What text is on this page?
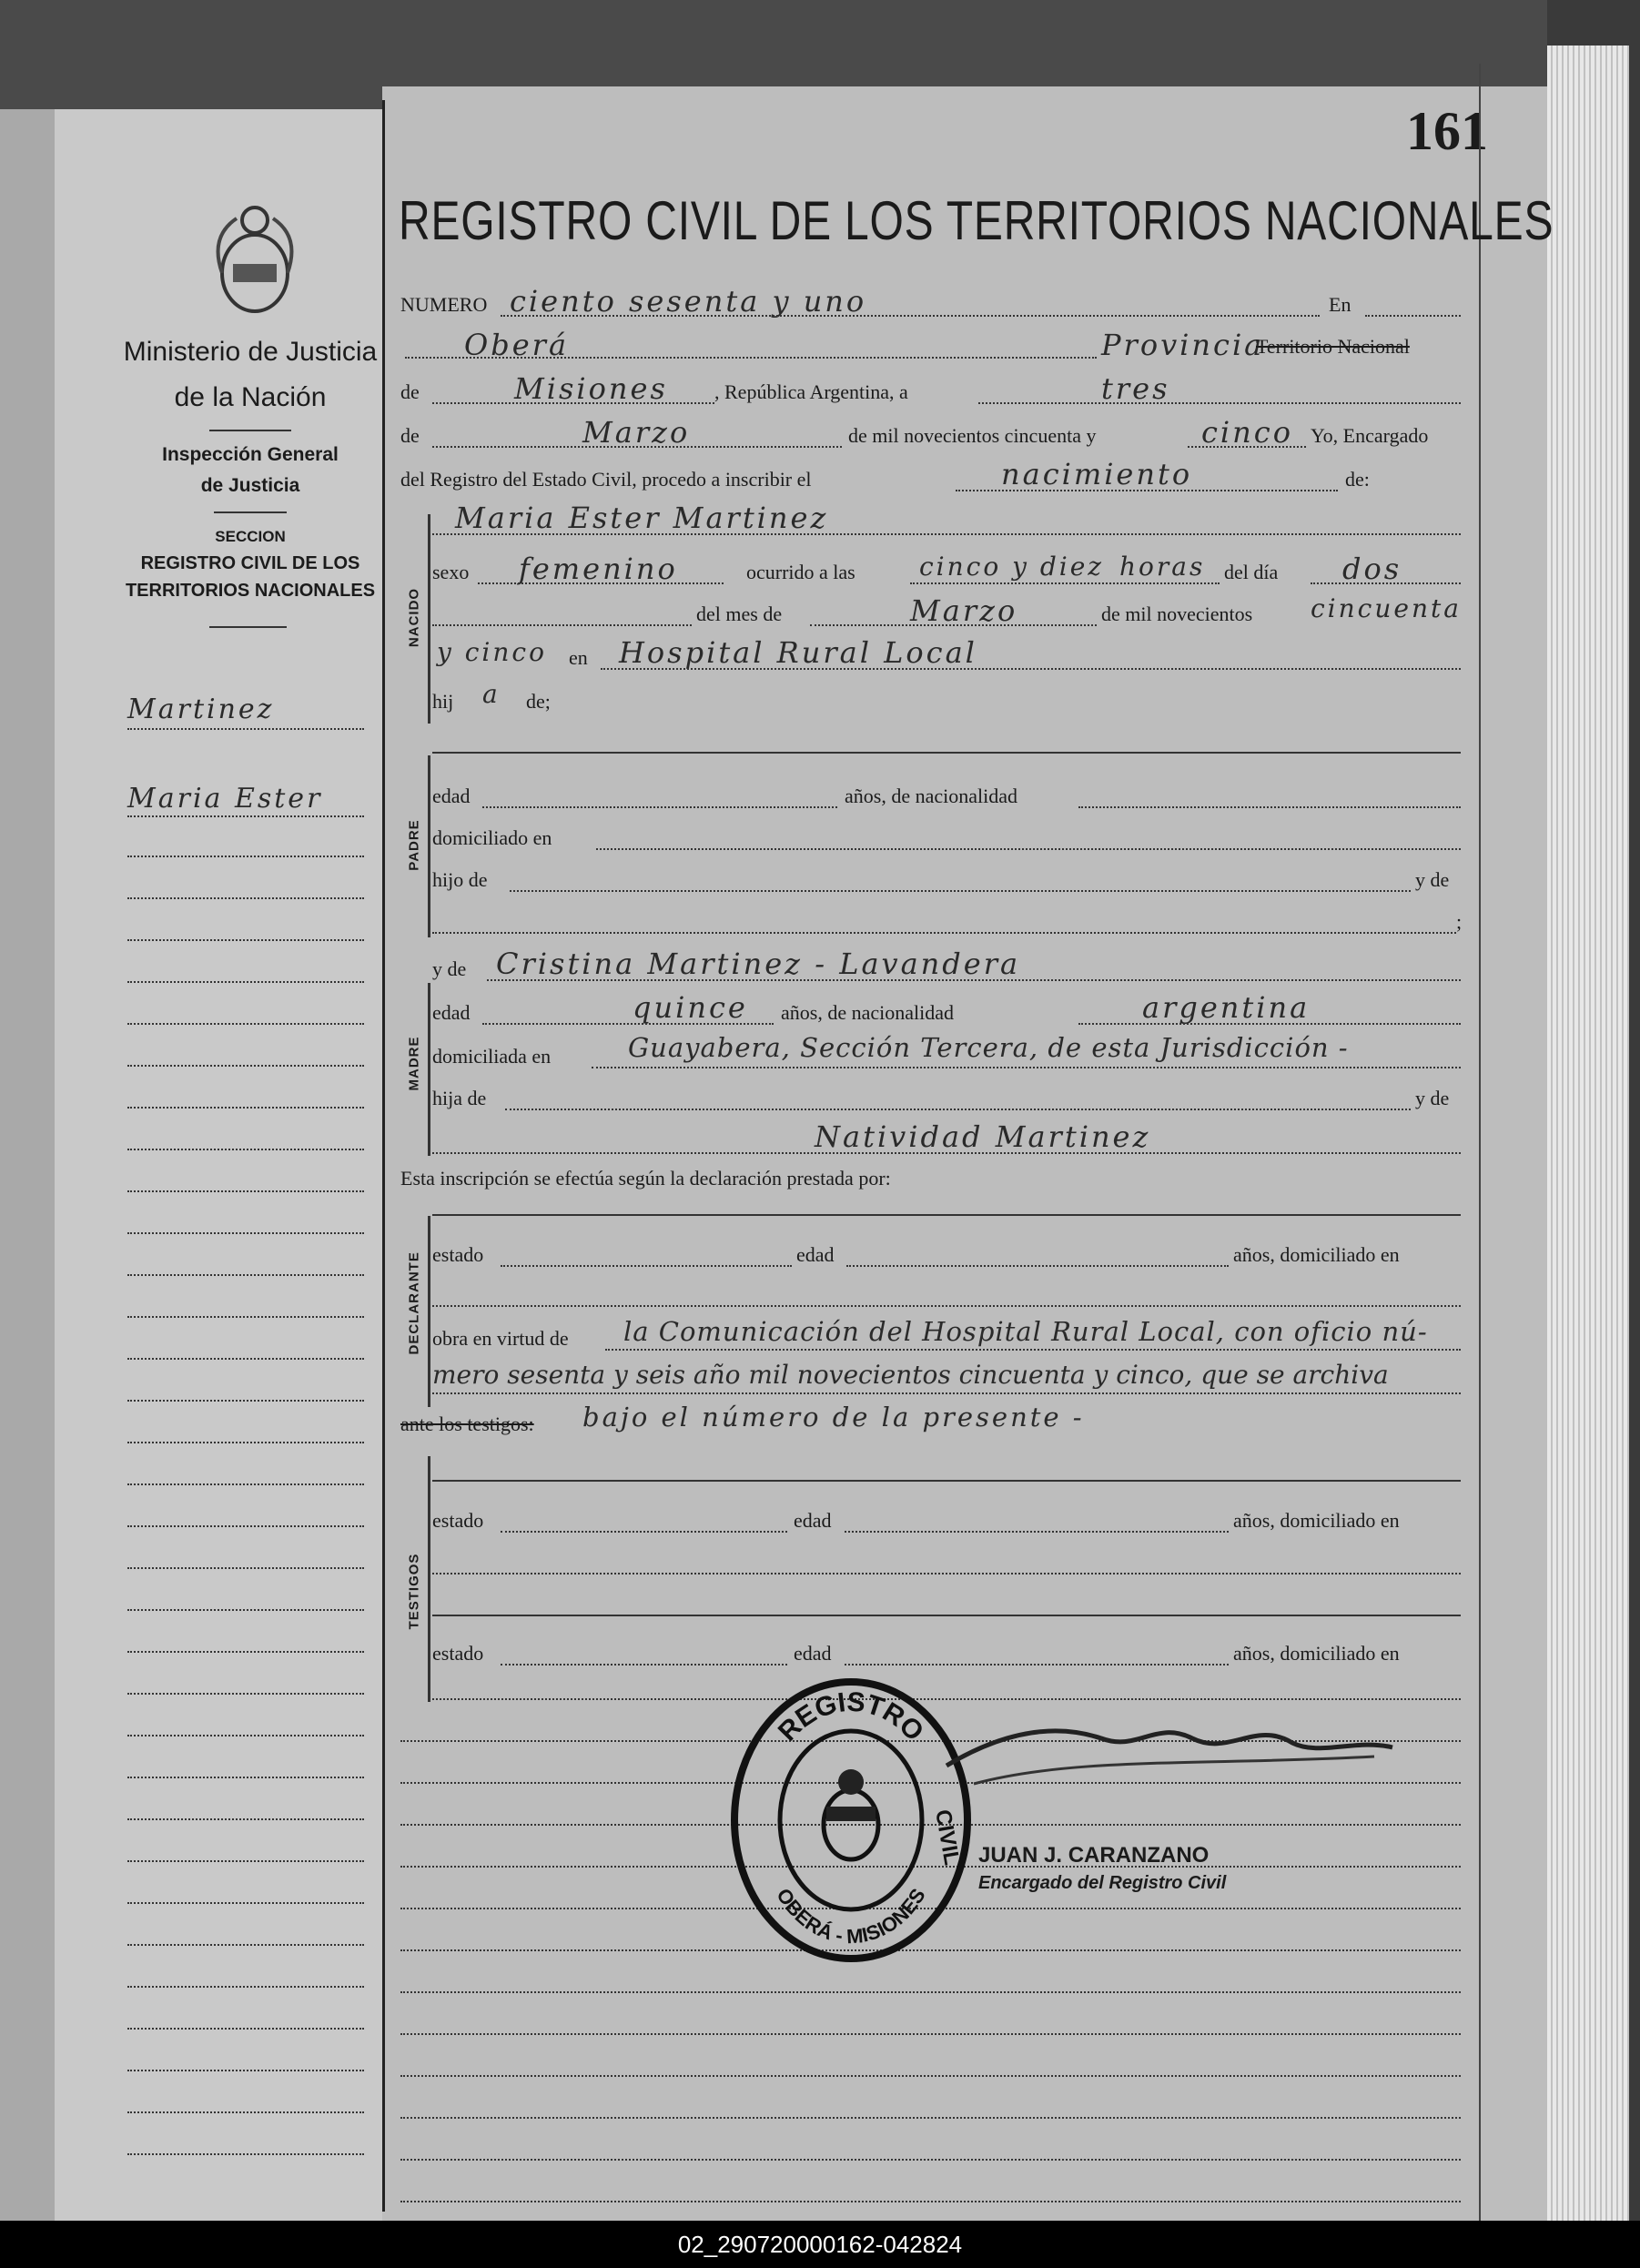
Ministerio de Justicia
de la Nación
Inspección General
de Justicia
SECCION
REGISTRO CIVIL DE LOS
TERRITORIOS NACIONALES
Martinez
Maria Ester
161
REGISTRO CIVIL DE LOS TERRITORIOS NACIONALES
NUMERO ciento sesenta y uno	En
Oberá	Provincia
Territorio Nacional
de	Misiones , República Argentina, a	tres
de	Marzo	de mil novecientos cincuenta y	cinco Yo, Encargado
del Registro del Estado Civil, procedo a inscribir el	nacimiento	de:
NACIDO
Maria Ester Martinez
sexo femenino	ocurrido a las	cinco y diez horas del día dos
del mes de	Marzo	de mil novecientos cincuenta
y cinco en Hospital Rural Local
hij a de;
PADRE
edad	años, de nacionalidad
domiciliado en
hijo de	y de
;
y de Cristina Martinez - Lavandera
MADRE
edad	quince años, de nacionalidad	argentina
domiciliada en	Guayabera, Sección Tercera, de esta Jurisdicción -
hija de	y de
Natividad Martinez
Esta inscripción se efectúa según la declaración prestada por:
DECLARANTE estado	edad	años, domiciliado en
obra en virtud de la Comunicación del Hospital Rural Local, con oficio nú-
mero sesenta y seis año mil novecientos cincuenta y cinco, que se archiva
ante los testigos: bajo el número de la presente -
TESTIGOS
estado	edad	años, domiciliado en
estado	edad	años, domiciliado en
REGISTRO
OBERÁ - MISIONES
CIVIL JUAN J. CARANZANO
Encargado del Registro Civil
02_290720000162-042824
